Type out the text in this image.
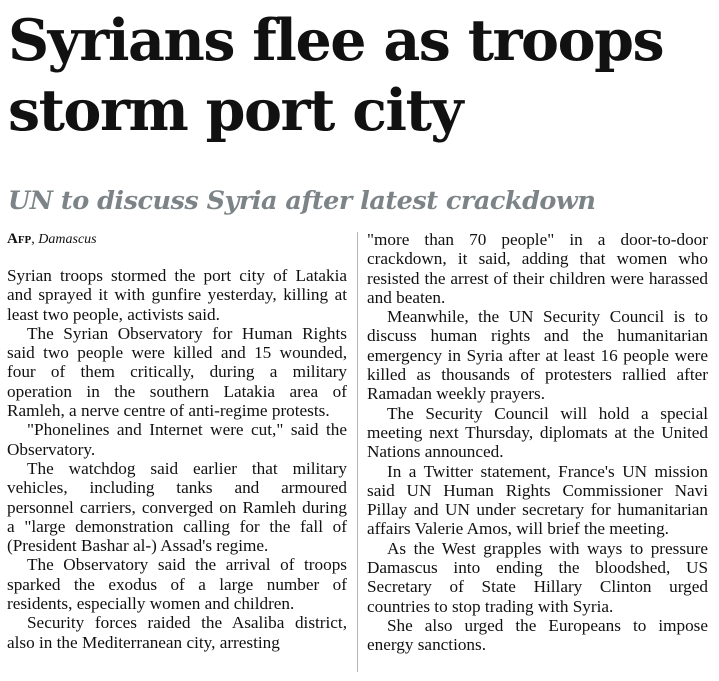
Syrians flee as troops
storm port city
UN to discuss Syria after latest crackdown
Afp, Damascus

Syrian troops stormed the port city of Latakia and sprayed it with gunfire yesterday, killing at least two people, activists said.

The Syrian Observatory for Human Rights said two people were killed and 15 wounded, four of them critically, during a military operation in the southern Latakia area of Ramleh, a nerve centre of anti-regime protests.

"Phonelines and Internet were cut," said the Observatory.

The watchdog said earlier that military vehicles, including tanks and armoured personnel carriers, converged on Ramleh during a "large demonstration calling for the fall of (President Bashar al-) Assad's regime.

The Observatory said the arrival of troops sparked the exodus of a large number of residents, especially women and children.

Security forces raided the Asaliba district, also in the Mediterranean city, arresting

"more than 70 people" in a door-to-door crackdown, it said, adding that women who resisted the arrest of their children were harassed and beaten.

Meanwhile, the UN Security Council is to discuss human rights and the humanitarian emergency in Syria after at least 16 people were killed as thousands of protesters rallied after Ramadan weekly prayers.

The Security Council will hold a special meeting next Thursday, diplomats at the United Nations announced.

In a Twitter statement, France's UN mission said UN Human Rights Commissioner Navi Pillay and UN under secretary for humanitarian affairs Valerie Amos, will brief the meeting.

As the West grapples with ways to pressure Damascus into ending the bloodshed, US Secretary of State Hillary Clinton urged countries to stop trading with Syria.

She also urged the Europeans to impose energy sanctions.
